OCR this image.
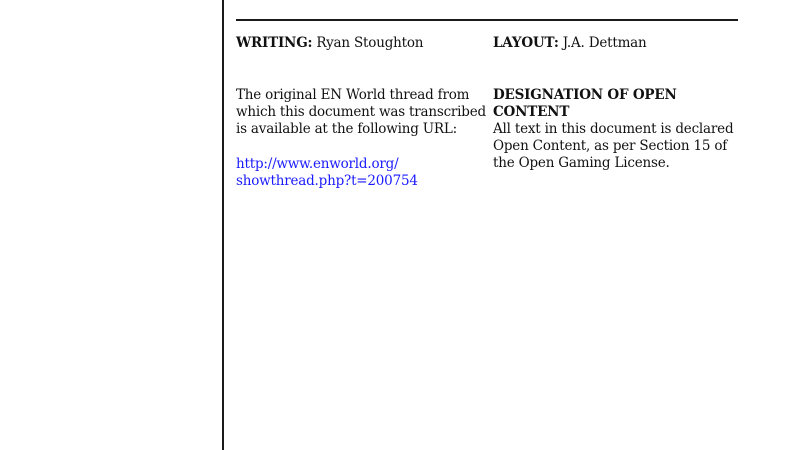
WRITING: Ryan Stoughton	LAYOUT: J.A. Dettman

The original EN World thread from which this document was transcribed is available at the following URL:

http://www.enworld.org/
showthread.php?t=200754

DESIGNATION OF OPEN CONTENT

All text in this document is declared Open Content, as per Section 15 of the Open Gaming License.
